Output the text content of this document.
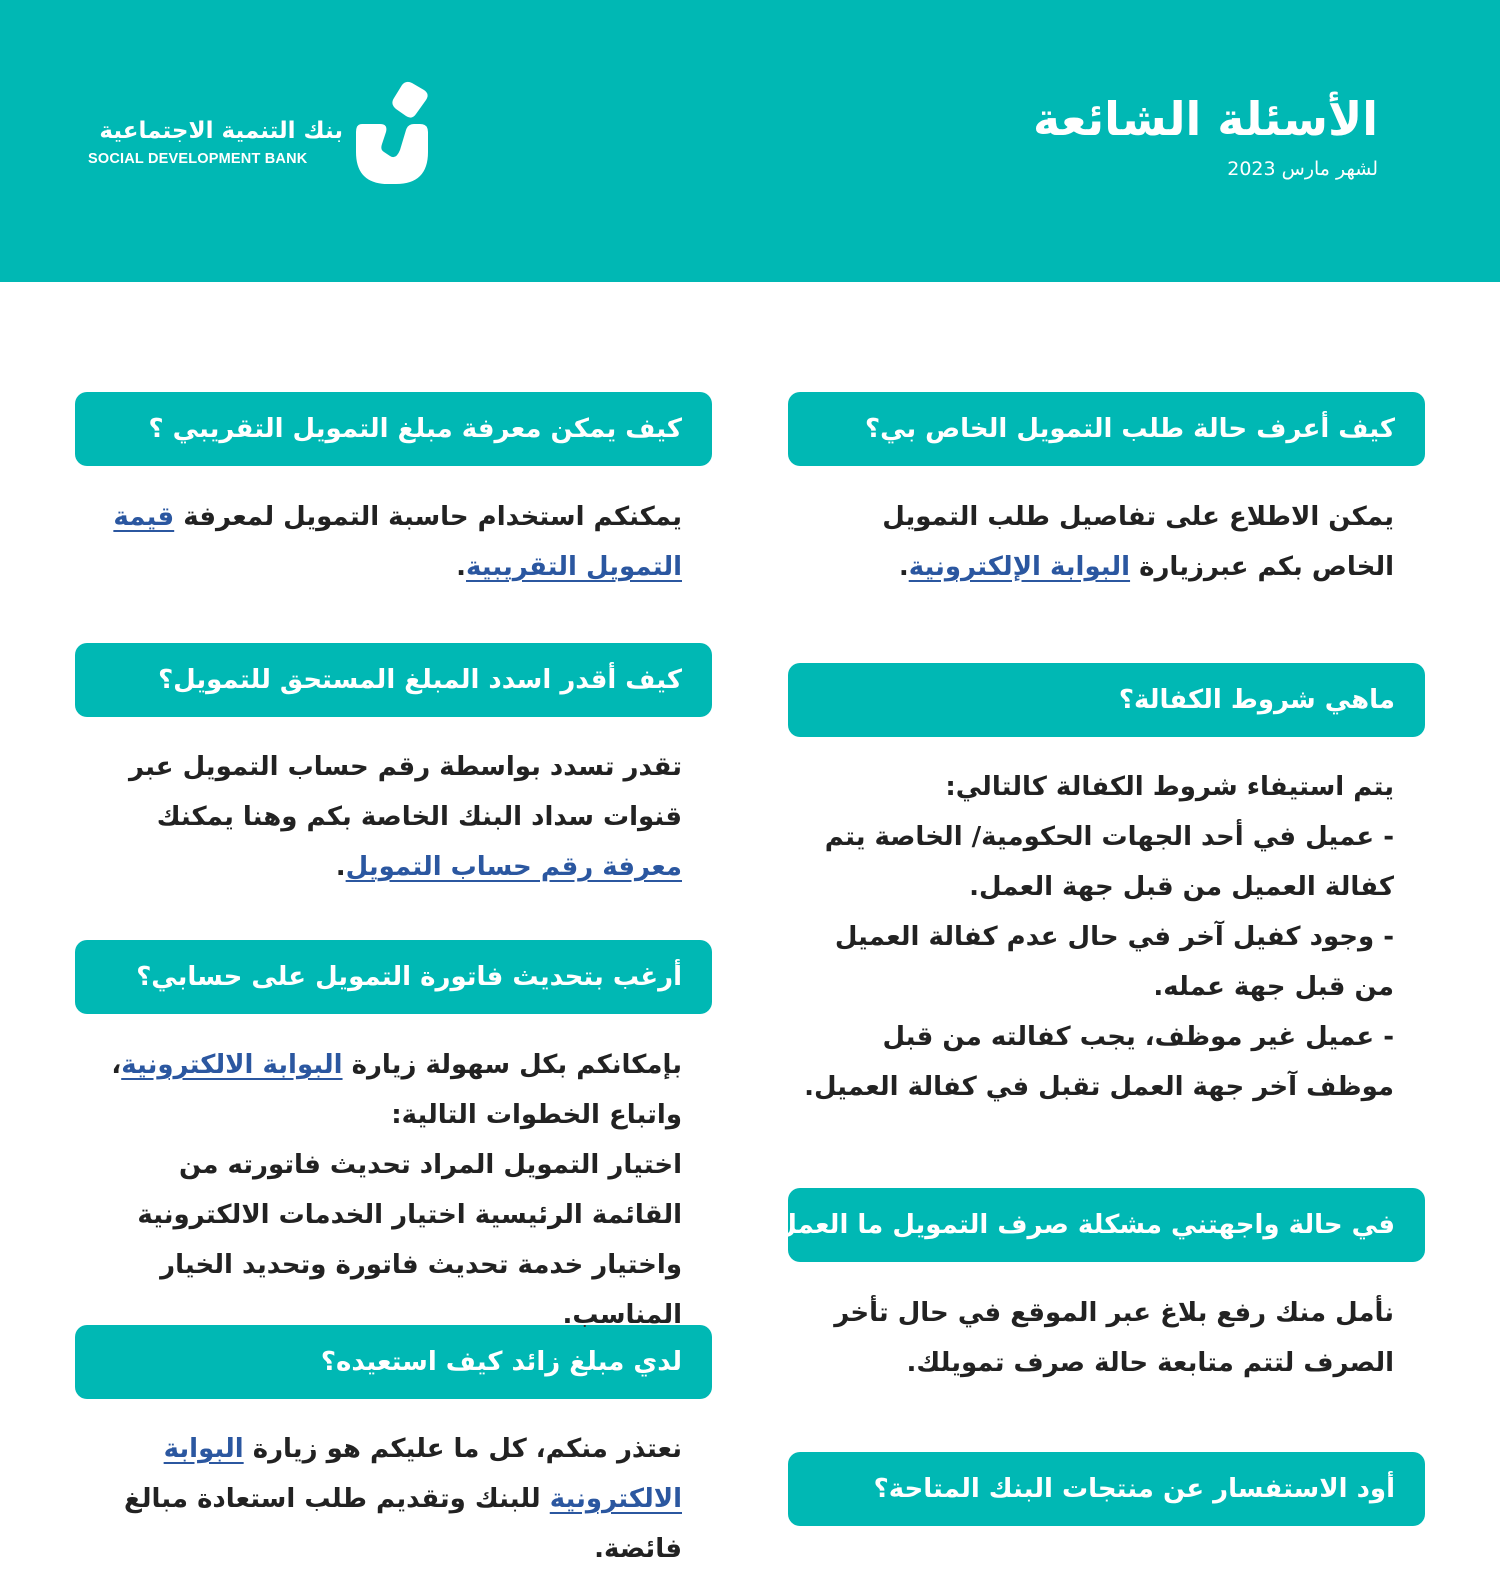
الأسئلة الشائعة
لشهر مارس 2023
بنك التنمية الاجتماعية
SOCIAL DEVELOPMENT BANK
كيف أعرف حالة طلب التمويل الخاص بي؟
ماهي شروط الكفالة؟
في حالة واجهتني مشكلة صرف التمويل ما العمل؟
أود الاستفسار عن منتجات البنك المتاحة؟
يمكن الاطلاع على تفاصيل طلب التمويل الخاص بكم عبرزيارة البوابة الإلكترونية.

يتم استيفاء شروط الكفالة كالتالي:

- عميل في أحد الجهات الحكومية/ الخاصة يتم كفالة العميل من قبل جهة العمل.

- وجود كفيل آخر في حال عدم كفالة العميل من قبل جهة عمله.

- عميل غير موظف، يجب كفالته من قبل موظف آخر جهة العمل تقبل في كفالة العميل.

نأمل منك رفع بلاغ عبر الموقع في حال تأخر الصرف لتتم متابعة حالة صرف تمويلك.
كيف يمكن معرفة مبلغ التمويل التقريبي ؟
كيف أقدر اسدد المبلغ المستحق للتمويل؟
أرغب بتحديث فاتورة التمويل على حسابي؟
لدي مبلغ زائد كيف استعيده؟
يمكنكم استخدام حاسبة التمويل لمعرفة قيمة التمويل التقريبية.
تقدر تسدد بواسطة رقم حساب التمويل عبر قنوات سداد البنك الخاصة بكم وهنا يمكنك معرفة رقم حساب التمويل.

بإمكانكم بكل سهولة زيارة البوابة الالكترونية، واتباع الخطوات التالية:

اختيار التمويل المراد تحديث فاتورته من القائمة الرئيسية اختيار الخدمات الالكترونية واختيار خدمة تحديث فاتورة وتحديد الخيار المناسب.

نعتذر منكم، كل ما عليكم هو زيارة البوابة الالكترونية للبنك وتقديم طلب استعادة مبالغ فائضة.
